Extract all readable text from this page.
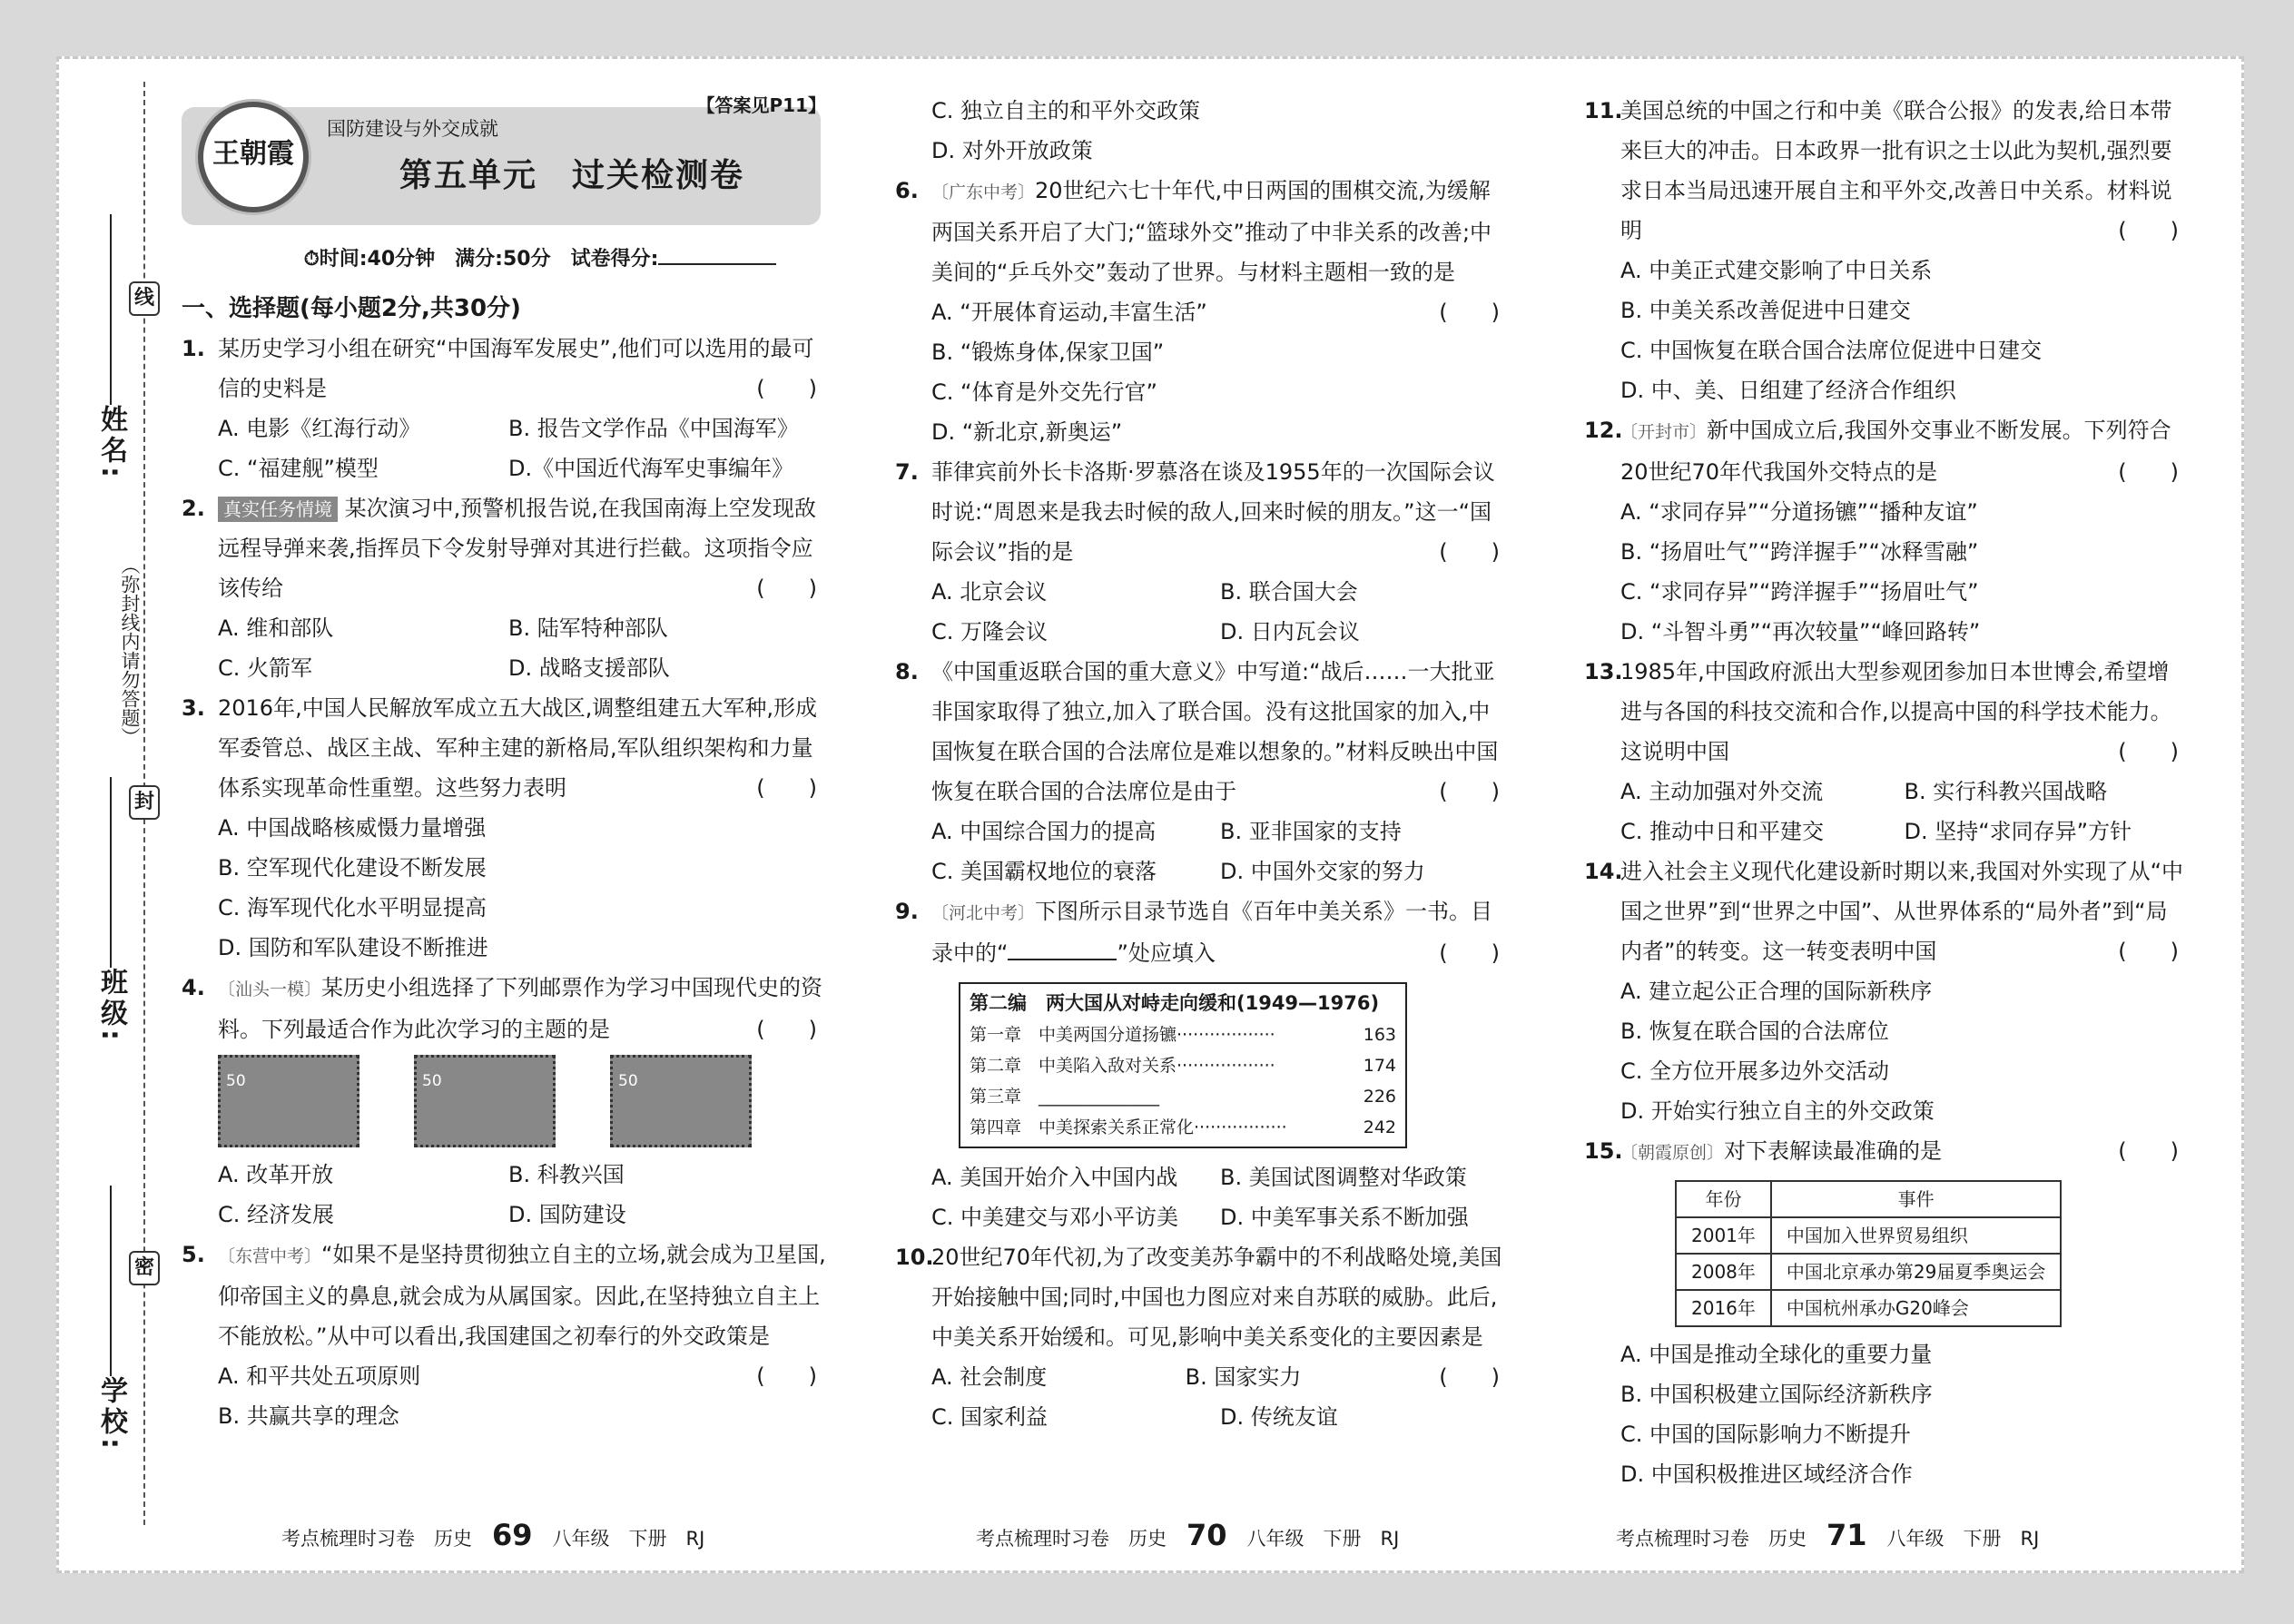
姓名:
班级:
学校:
线
封
密
（弥封线内请勿答题）
王朝霞
国防建设与外交成就
第五单元　过关检测卷
【答案见P11】
⏱时间:40分钟　满分:50分　 试卷得分:
一、选择题(每小题2分,共30分)
1. 某历史学习小组在研究“中国海军发展史”,他们可以选用的最可信的史料是	(　　)
A. 电影《红海行动》	B. 报告文学作品《中国海军》
C. “福建舰”模型	D.《中国近代海军史事编年》
2. 真实任务情境 某次演习中,预警机报告说,在我国南海上空发现敌远程导弹来袭,指挥员下令发射导弹对其进行拦截。这项指令应该传给	(　　)
A. 维和部队	B. 陆军特种部队
C. 火箭军	D. 战略支援部队
3. 2016年,中国人民解放军成立五大战区,调整组建五大军种,形成军委管总、战区主战、军种主建的新格局,军队组织架构和力量体系实现革命性重塑。这些努力表明	(　　)
A. 中国战略核威慑力量增强
B. 空军现代化建设不断发展
C. 海军现代化水平明显提高
D. 国防和军队建设不断推进
4. 〔汕头一模〕某历史小组选择了下列邮票作为学习中国现代史的资料。下列最适合作为此次学习的主题的是	(　　)
50	50	50
A. 改革开放	B. 科教兴国
C. 经济发展	D. 国防建设
5. 〔东营中考〕“如果不是坚持贯彻独立自主的立场,就会成为卫星国,仰帝国主义的鼻息,就会成为从属国家。因此,在坚持独立自主上不能放松。”从中可以看出,我国建国之初奉行的外交政策是
(　　)
A. 和平共处五项原则
B. 共赢共享的理念
C. 独立自主的和平外交政策
D. 对外开放政策
6. 〔广东中考〕20世纪六七十年代,中日两国的围棋交流,为缓解两国关系开启了大门;“篮球外交”推动了中非关系的改善;中美间的“乒乓外交”轰动了世界。与材料主题相一致的是
(　　)
A. “开展体育运动,丰富生活”
B. “锻炼身体,保家卫国”
C. “体育是外交先行官”
D. “新北京,新奥运”
7. 菲律宾前外长卡洛斯·罗慕洛在谈及1955年的一次国际会议时说:“周恩来是我去时候的敌人,回来时候的朋友。”这一“国际会议”指的是	(　　)
A. 北京会议	B. 联合国大会
C. 万隆会议	D. 日内瓦会议
8. 《中国重返联合国的重大意义》中写道:“战后……一大批亚非国家取得了独立,加入了联合国。没有这批国家的加入,中国恢复在联合国的合法席位是难以想象的。”材料反映出中国恢复在联合国的合法席位是由于	(　　)
A. 中国综合国力的提高	B. 亚非国家的支持
C. 美国霸权地位的衰落	D. 中国外交家的努力
9. 〔河北中考〕下图所示目录节选自《百年中美关系》一书。目录中的“	”处应填入	(　　)
第二编　两大国从对峙走向缓和(1949—1976)
第一章　中美两国分道扬镳··················	163
第二章　中美陷入敌对关系··················	174
第三章　______________	226
第四章　中美探索关系正常化·················	242
A. 美国开始介入中国内战	B. 美国试图调整对华政策
C. 中美建交与邓小平访美	D. 中美军事关系不断加强
10.
20世纪70年代初,为了改变美苏争霸中的不利战略处境,美国开始接触中国;同时,中国也力图应对来自苏联的威胁。此后,中美关系开始缓和。可见,影响中美关系变化的主要因素是
(　　)
A. 社会制度	B. 国家实力
C. 国家利益	D. 传统友谊
11.
美国总统的中国之行和中美《联合公报》的发表,给日本带来巨大的冲击。日本政界一批有识之士以此为契机,强烈要求日本当局迅速开展自主和平外交,改善日中关系。材料说明	(　　)
A. 中美正式建交影响了中日关系
B. 中美关系改善促进中日建交
C. 中国恢复在联合国合法席位促进中日建交
D. 中、美、日组建了经济合作组织
12.
〔开封市〕新中国成立后,我国外交事业不断发展。下列符合20世纪70年代我国外交特点的是	(　　)
A. “求同存异”“分道扬镳”“播种友谊”
B. “扬眉吐气”“跨洋握手”“冰释雪融”
C. “求同存异”“跨洋握手”“扬眉吐气”
D. “斗智斗勇”“再次较量”“峰回路转”
13.
1985年,中国政府派出大型参观团参加日本世博会,希望增进与各国的科技交流和合作,以提高中国的科学技术能力。这说明中国	(　　)
A. 主动加强对外交流	B. 实行科教兴国战略
C. 推动中日和平建交	D. 坚持“求同存异”方针
14.
进入社会主义现代化建设新时期以来,我国对外实现了从“中国之世界”到“世界之中国”、从世界体系的“局外者”到“局内者”的转变。这一转变表明中国	(　　)
A. 建立起公正合理的国际新秩序
B. 恢复在联合国的合法席位
C. 全方位开展多边外交活动
D. 开始实行独立自主的外交政策
15.
〔朝霞原创〕对下表解读最准确的是	(　　)
年份	事件
2001年	中国加入世界贸易组织
2008年	中国北京承办第29届夏季奥运会
2016年	中国杭州承办G20峰会
A. 中国是推动全球化的重要力量
B. 中国积极建立国际经济新秩序
C. 中国的国际影响力不断提升
D. 中国积极推进区域经济合作
考点梳理时习卷　历史 69 八年级　下册　RJ	考点梳理时习卷　历史 70 八年级　下册　RJ	考点梳理时习卷　历史 71 八年级　下册　RJ
